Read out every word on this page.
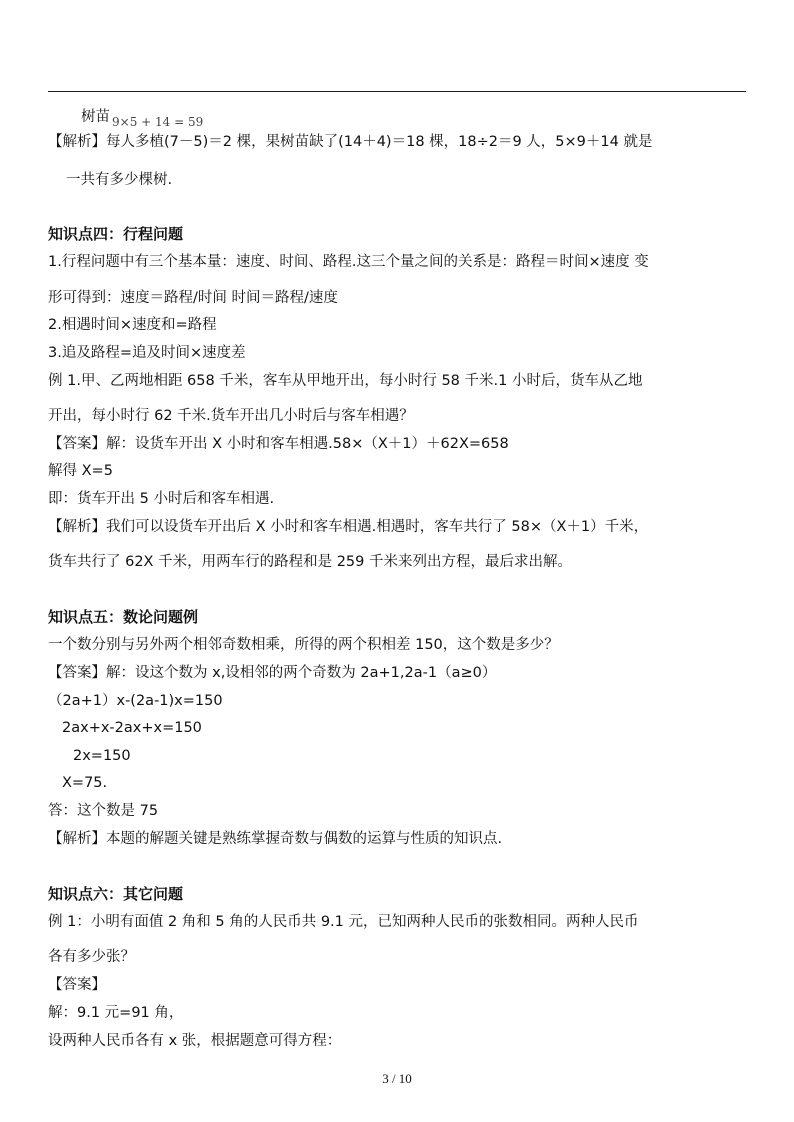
树苗 $_{9\times 5 + 14 = 59}$
【解析】每人多植(7－5)＝2 棵，果树苗缺了(14＋4)＝18 棵，18÷2＝9 人，5×9＋14 就是
一共有多少棵树.
知识点四：行程问题
1.行程问题中有三个基本量：速度、时间、路程.这三个量之间的关系是：路程＝时间×速度 变
形可得到：速度＝路程/时间 时间＝路程/速度
2.相遇时间×速度和=路程
3.追及路程=追及时间×速度差
例 1.甲、乙两地相距 658 千米，客车从甲地开出，每小时行 58 千米.1 小时后，货车从乙地
开出，每小时行 62 千米.货车开出几小时后与客车相遇？
【答案】解：设货车开出 X 小时和客车相遇.58×（X＋1）＋62X=658
解得 X=5
即：货车开出 5 小时后和客车相遇.
【解析】我们可以设货车开出后 X 小时和客车相遇.相遇时，客车共行了 58×（X＋1）千米，
货车共行了 62X 千米，用两车行的路程和是 259 千米来列出方程，最后求出解。
知识点五：数论问题例
一个数分别与另外两个相邻奇数相乘，所得的两个积相差 150，这个数是多少？
【答案】解：设这个数为 x,设相邻的两个奇数为 2a+1,2a-1（a≥0）
（2a+1）x-(2a-1)x=150
2ax+x-2ax+x=150
2x=150
X=75.
答：这个数是 75
【解析】本题的解题关键是熟练掌握奇数与偶数的运算与性质的知识点.
知识点六：其它问题
例 1：小明有面值 2 角和 5 角的人民币共 9.1 元，已知两种人民币的张数相同。两种人民币
各有多少张？
【答案】
解：9.1 元=91 角，
设两种人民币各有 x 张，根据题意可得方程：
3 / 10
